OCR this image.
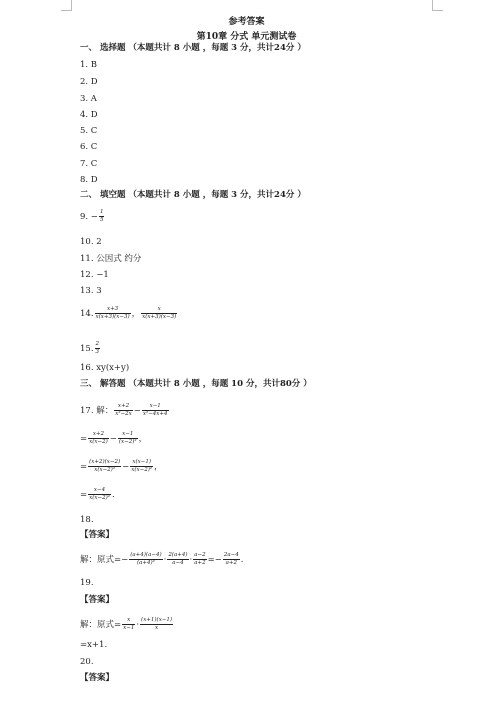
参考答案
第10章 分式 单元测试卷
一、 选择题 （本题共计 8 小题 ，每题 3 分，共计24分 ）
1. B
2. D
3. A
4. D
5. C
6. C
7. C
8. D
二、 填空题 （本题共计 8 小题 ，每题 3 分，共计24分 ）
9. − $\frac{1}{5}$
10. 2
11. 公因式 约分
12. −1
13. 3
14. $\frac{x+3}{x(x+3)(x-3)}$ ， $\frac{x}{x(x+3)(x-3)}$
15. $\frac{2}{3}$
16. xy(x+y)
三、 解答题 （本题共计 8 小题 ，每题 10 分，共计80分 ）
17. 解： $\frac{x+2}{\text{x²−2x}} - \frac{x-1}{\text{x²−4x+4}}$
= $\frac{x+2}{x(x-2)} - \frac{x-1}{\text{(x−2)²}}$ ，
= $\frac{(x+2)(x-2)}{\text{x(x−2)²}} - \frac{x(x-1)}{\text{x(x−2)²}}$ ，
= $\frac{x-4}{\text{x(x−2)²}}$ .
18.
【答案】
解：原式=− $\frac{(a+4)(a-4)}{\text{(a+4)²}} \cdot \frac{2(a+4)}{a-4} \cdot \frac{a-2}{a+2} =- \frac{2a-4}{a+2}$ .
19.
【答案】
解：原式= $\frac{x}{x-1} \cdot \frac{(x+1)(x-1)}{x}$
=x+1.
20.
【答案】
